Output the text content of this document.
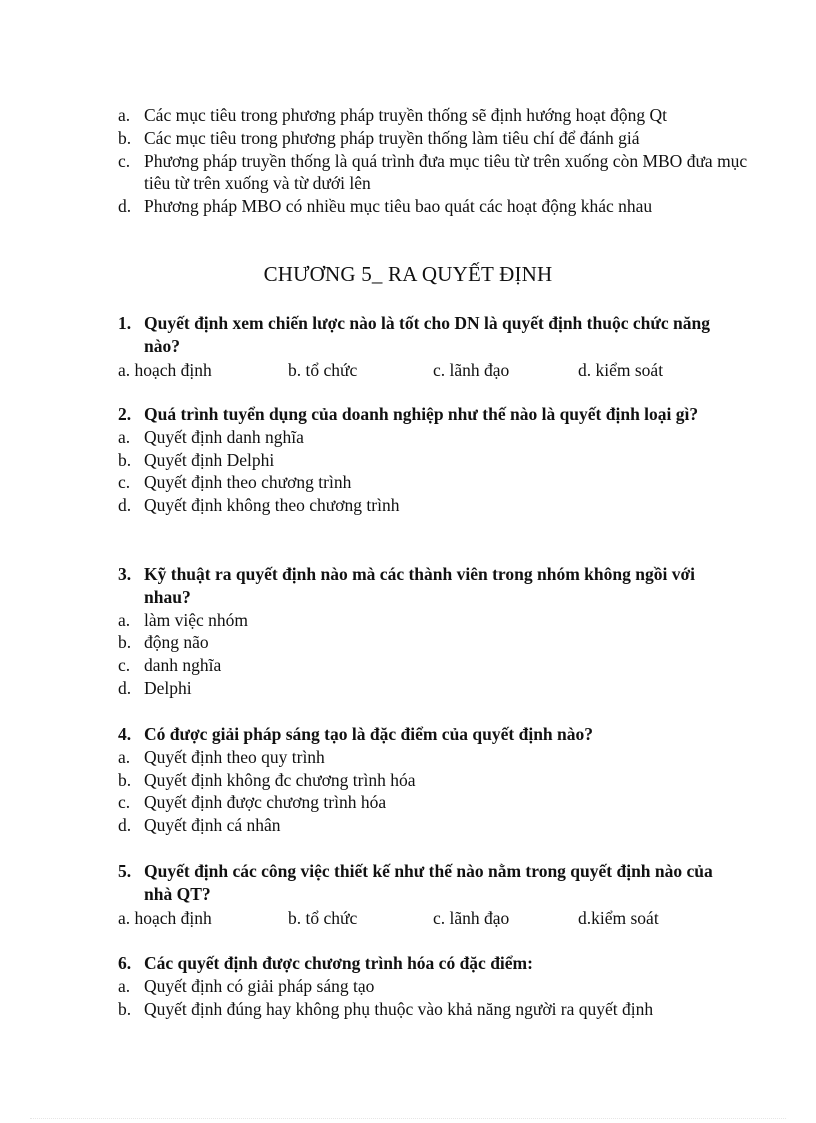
a. Các mục tiêu trong phương pháp truyền thống sẽ định hướng hoạt động Qt
b. Các mục tiêu trong phương pháp truyền thống làm tiêu chí để đánh giá
c. Phương pháp truyền thống là quá trình đưa mục tiêu từ trên xuống còn MBO đưa mục tiêu từ trên xuống và từ dưới lên
d. Phương pháp MBO có nhiều mục tiêu bao quát các hoạt động khác nhau
CHƯƠNG 5_ RA QUYẾT ĐỊNH
1. Quyết định xem chiến lược nào là tốt cho DN là quyết định thuộc chức năng nào?
a. hoạch định	b. tổ chức	c. lãnh đạo	d. kiểm soát
2. Quá trình tuyển dụng của doanh nghiệp như thế nào là quyết định loại gì?
a. Quyết định danh nghĩa
b. Quyết định Delphi
c. Quyết định theo chương trình
d. Quyết định không theo chương trình
3. Kỹ thuật ra quyết định nào mà các thành viên trong nhóm không ngồi với nhau?
a. làm việc nhóm
b. động não
c. danh nghĩa
d. Delphi
4. Có được giải pháp sáng tạo là đặc điểm của quyết định nào?
a. Quyết định theo quy trình
b. Quyết định không đc chương trình hóa
c. Quyết định được chương trình hóa
d. Quyết định cá nhân
5. Quyết định các công việc thiết kế như thế nào nằm trong quyết định nào của nhà QT?
a. hoạch định	b. tổ chức	c. lãnh đạo	d.kiểm soát
6. Các quyết định được chương trình hóa có đặc điểm:
a. Quyết định có giải pháp sáng tạo
b. Quyết định đúng hay không phụ thuộc vào khả năng người ra quyết định
